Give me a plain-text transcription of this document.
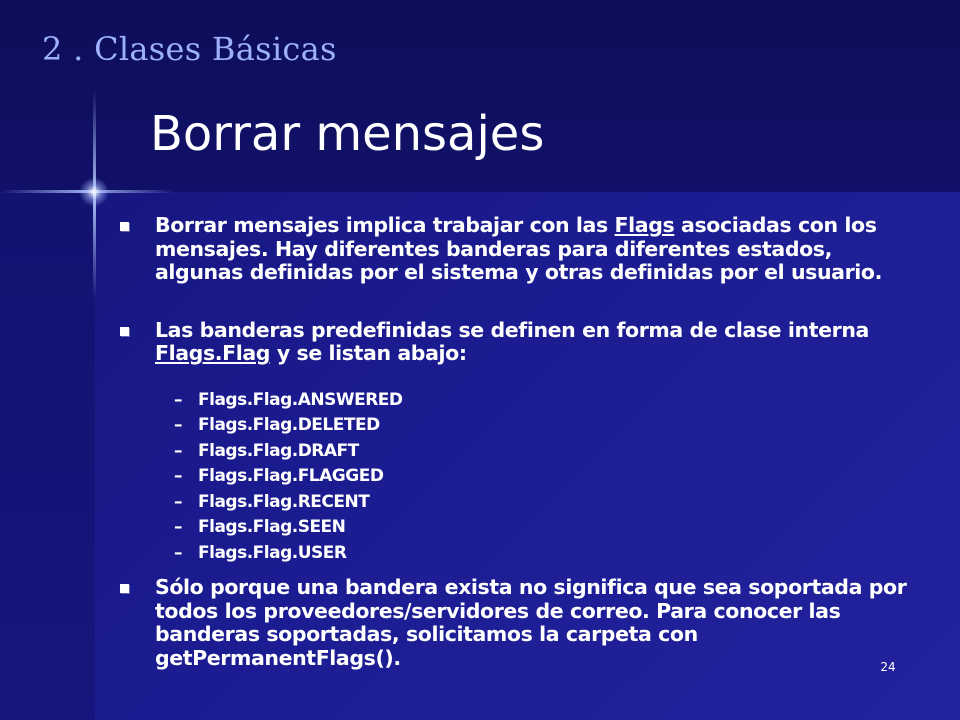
2 . Clases Básicas
Borrar mensajes
Borrar mensajes implica trabajar con las Flags asociadas con los mensajes. Hay diferentes banderas para diferentes estados, algunas definidas por el sistema y otras definidas por el usuario.
Las banderas predefinidas se definen en forma de clase interna Flags.Flag y se listan abajo:
– Flags.Flag.ANSWERED
– Flags.Flag.DELETED
– Flags.Flag.DRAFT
– Flags.Flag.FLAGGED
– Flags.Flag.RECENT
– Flags.Flag.SEEN
– Flags.Flag.USER
Sólo porque una bandera exista no significa que sea soportada por todos los proveedores/servidores de correo. Para conocer las banderas soportadas, solicitamos la carpeta con getPermanentFlags().	24
